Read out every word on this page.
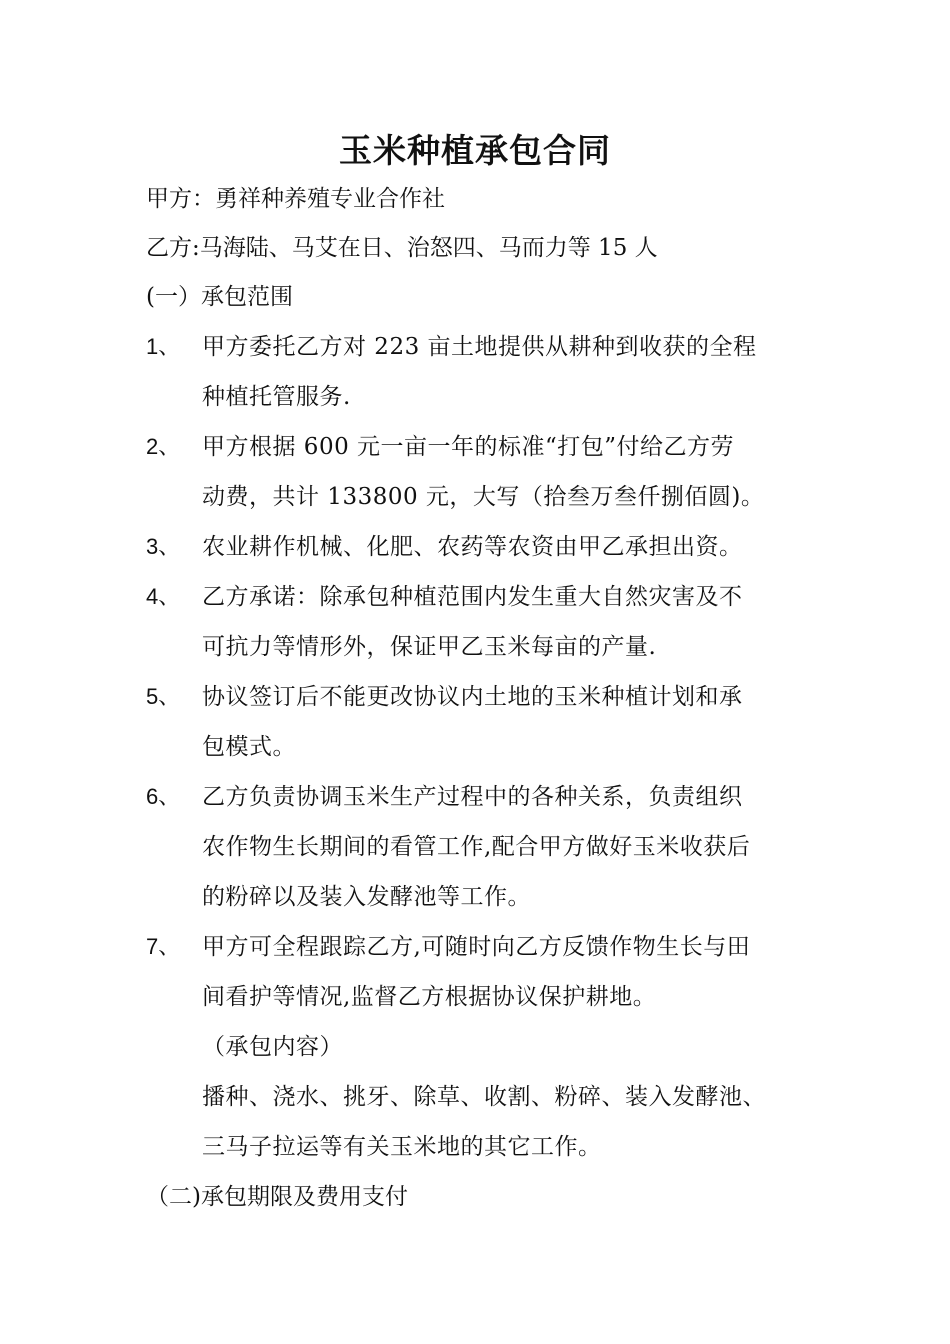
玉米种植承包合同
甲方：勇祥种养殖专业合作社
乙方:马海陆、马艾在日、治怒四、马而力等 15 人
(一）承包范围
1、 甲方委托乙方对 223 亩土地提供从耕种到收获的全程
种植托管服务.
2、 甲方根据 600 元一亩一年的标准“打包”付给乙方劳
动费，共计 133800 元，大写（拾叁万叁仟捌佰圆)。
3、 农业耕作机械、化肥、农药等农资由甲乙承担出资。
4、 乙方承诺：除承包种植范围内发生重大自然灾害及不
可抗力等情形外，保证甲乙玉米每亩的产量.
5、 协议签订后不能更改协议内土地的玉米种植计划和承
包模式。
6、 乙方负责协调玉米生产过程中的各种关系，负责组织
农作物生长期间的看管工作,配合甲方做好玉米收获后
的粉碎以及装入发酵池等工作。
7、 甲方可全程跟踪乙方,可随时向乙方反馈作物生长与田
间看护等情况,监督乙方根据协议保护耕地。
（承包内容）
播种、浇水、挑牙、除草、收割、粉碎、装入发酵池、
三马子拉运等有关玉米地的其它工作。
（二)承包期限及费用支付
